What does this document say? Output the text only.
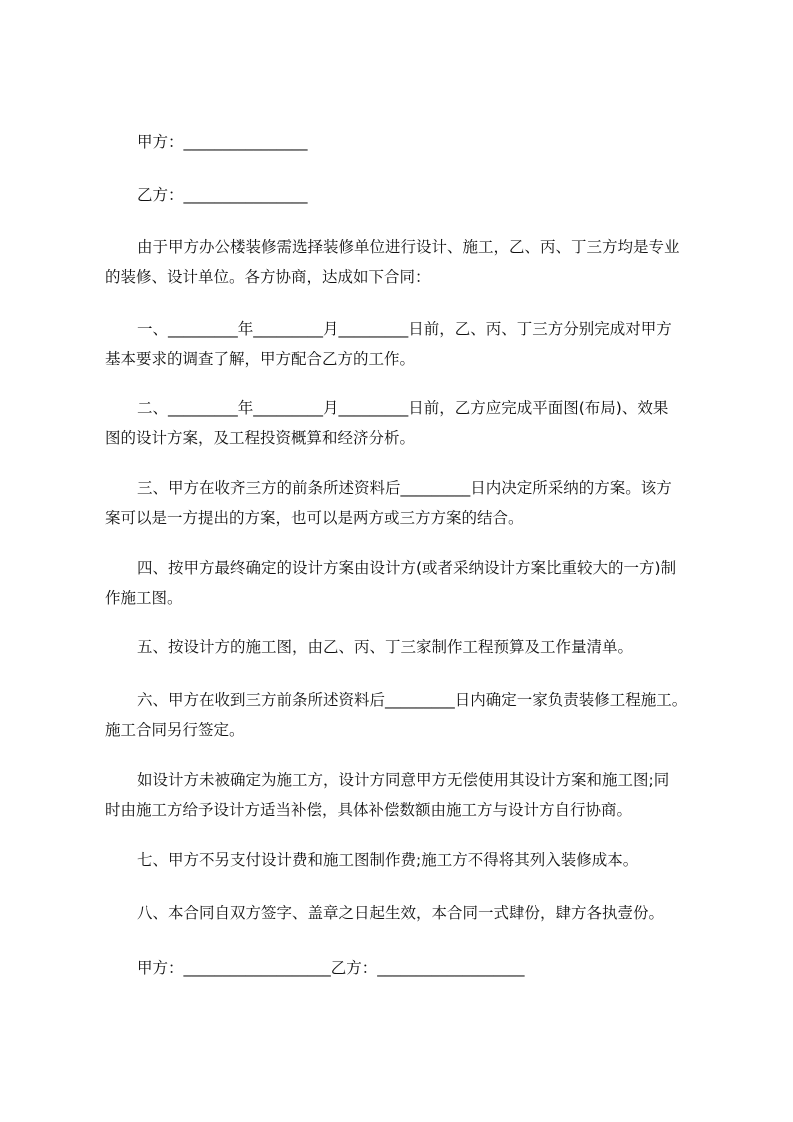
甲方：________________

乙方：________________

由于甲方办公楼装修需选择装修单位进行设计、施工，乙、丙、丁三方均是专业
的装修、设计单位。各方协商，达成如下合同：

一、_________年_________月_________日前，乙、丙、丁三方分别完成对甲方
基本要求的调查了解，甲方配合乙方的工作。

二、_________年_________月_________日前，乙方应完成平面图(布局)、效果
图的设计方案，及工程投资概算和经济分析。

三、甲方在收齐三方的前条所述资料后_________日内决定所采纳的方案。该方
案可以是一方提出的方案，也可以是两方或三方方案的结合。

四、按甲方最终确定的设计方案由设计方(或者采纳设计方案比重较大的一方)制
作施工图。

五、按设计方的施工图，由乙、丙、丁三家制作工程预算及工作量清单。

六、甲方在收到三方前条所述资料后_________日内确定一家负责装修工程施工。
施工合同另行签定。

如设计方未被确定为施工方，设计方同意甲方无偿使用其设计方案和施工图;同
时由施工方给予设计方适当补偿，具体补偿数额由施工方与设计方自行协商。

七、甲方不另支付设计费和施工图制作费;施工方不得将其列入装修成本。

八、本合同自双方签字、盖章之日起生效，本合同一式肆份，肆方各执壹份。

甲方：___________________乙方：___________________
